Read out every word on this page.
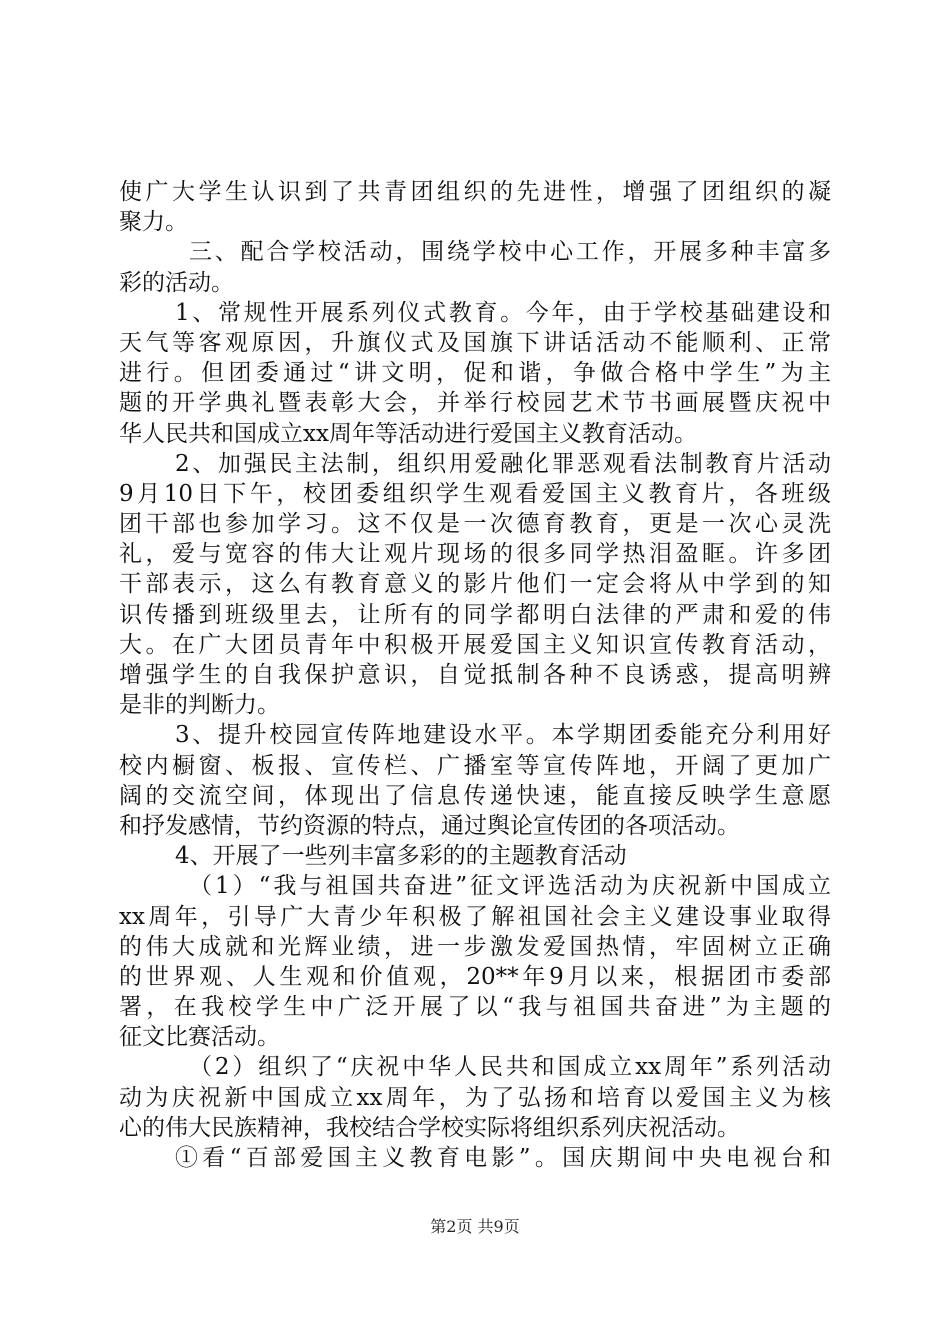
使广大学生认识到了共青团组织的先进性，增强了团组织的凝
聚力。
三、配合学校活动，围绕学校中心工作，开展多种丰富多
彩的活动。
1、常规性开展系列仪式教育。今年，由于学校基础建设和
天气等客观原因，升旗仪式及国旗下讲话活动不能顺利、正常
进行。但团委通过“讲文明，促和谐，争做合格中学生”为主
题的开学典礼暨表彰大会，并举行校园艺术节书画展暨庆祝中
华人民共和国成立xx周年等活动进行爱国主义教育活动。
2、加强民主法制，组织用爱融化罪恶观看法制教育片活动
9月10日下午，校团委组织学生观看爱国主义教育片，各班级
团干部也参加学习。这不仅是一次德育教育，更是一次心灵洗
礼，爱与宽容的伟大让观片现场的很多同学热泪盈眶。许多团
干部表示，这么有教育意义的影片他们一定会将从中学到的知
识传播到班级里去，让所有的同学都明白法律的严肃和爱的伟
大。在广大团员青年中积极开展爱国主义知识宣传教育活动，
增强学生的自我保护意识，自觉抵制各种不良诱惑，提高明辨
是非的判断力。
3、提升校园宣传阵地建设水平。本学期团委能充分利用好
校内橱窗、板报、宣传栏、广播室等宣传阵地，开阔了更加广
阔的交流空间，体现出了信息传递快速，能直接反映学生意愿
和抒发感情，节约资源的特点，通过舆论宣传团的各项活动。
4、开展了一些列丰富多彩的的主题教育活动
（1）“我与祖国共奋进”征文评选活动为庆祝新中国成立
xx周年，引导广大青少年积极了解祖国社会主义建设事业取得
的伟大成就和光辉业绩，进一步激发爱国热情，牢固树立正确
的世界观、人生观和价值观，20**年9月以来，根据团市委部
署，在我校学生中广泛开展了以“我与祖国共奋进”为主题的
征文比赛活动。
（2）组织了“庆祝中华人民共和国成立xx周年”系列活动
动为庆祝新中国成立xx周年，为了弘扬和培育以爱国主义为核
心的伟大民族精神，我校结合学校实际将组织系列庆祝活动。
①看“百部爱国主义教育电影”。国庆期间中央电视台和
第2页 共9页
